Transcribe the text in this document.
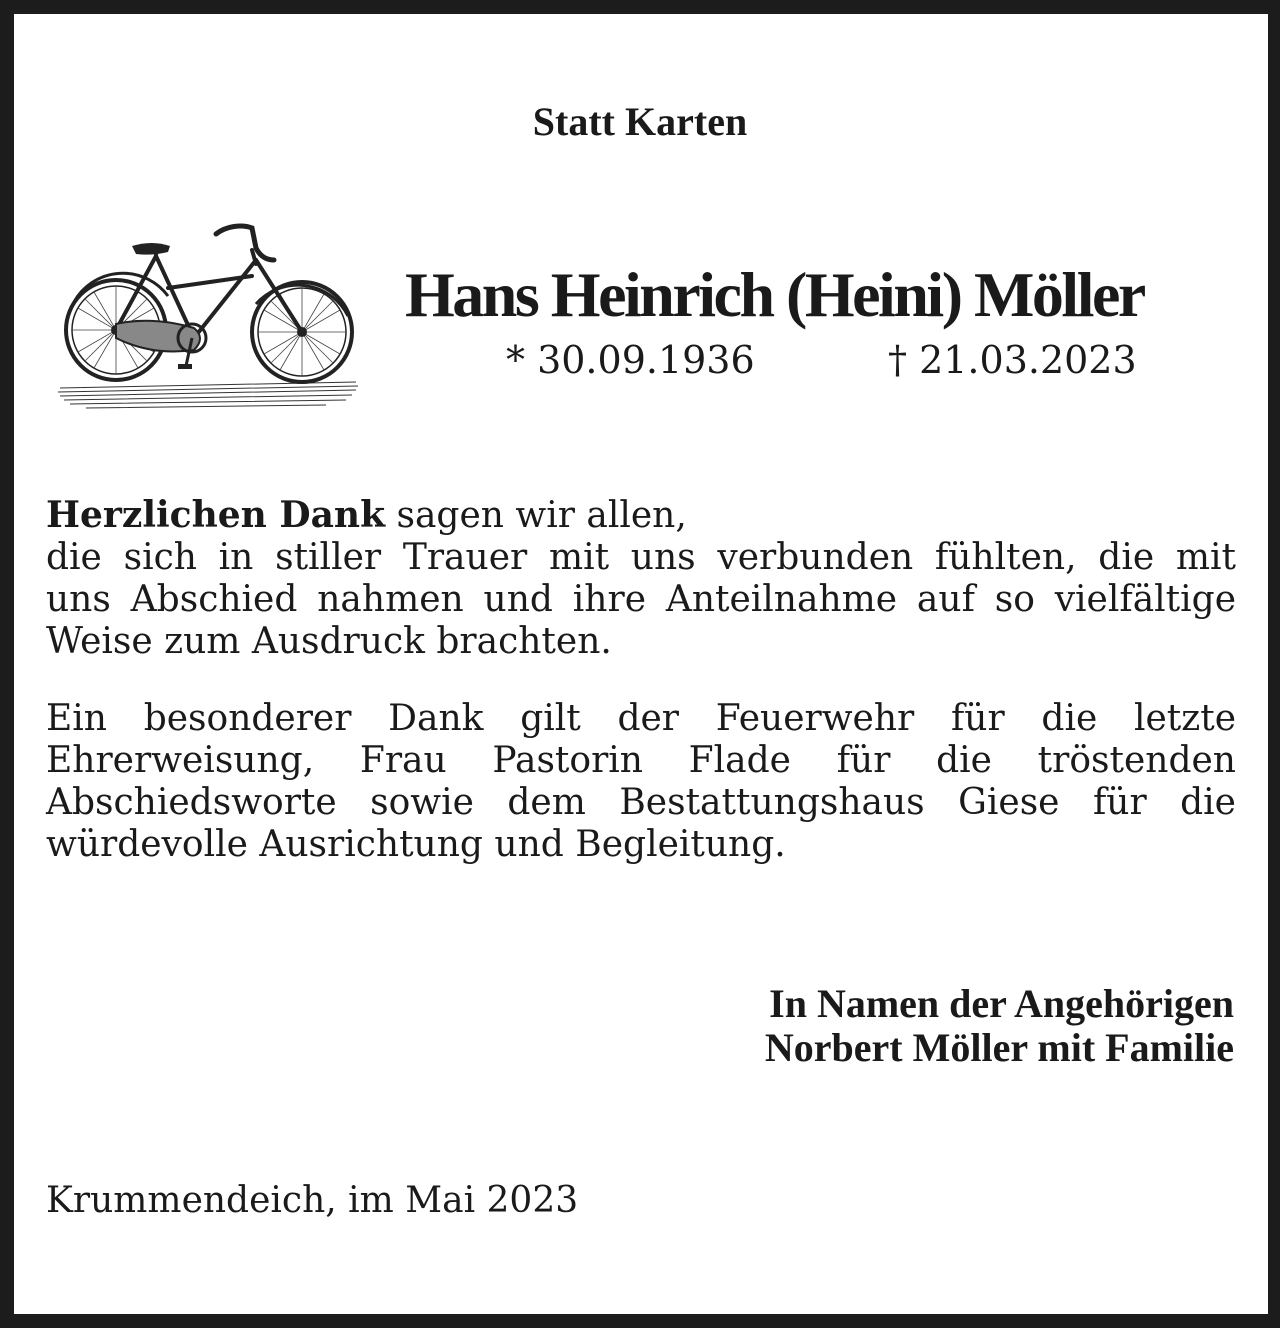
Statt Karten
Hans Heinrich (Heini) Möller
* 30.09.1936	† 21.03.2023
Herzlichen Dank sagen wir allen,
die sich in stiller Trauer mit uns verbunden fühlten, die mit
uns Abschied nahmen und ihre Anteilnahme auf so vielfältige
Weise zum Ausdruck brachten.
Ein besonderer Dank gilt der Feuerwehr für die letzte
Ehrerweisung, Frau Pastorin Flade für die tröstenden
Abschiedsworte sowie dem Bestattungshaus Giese für die
würdevolle Ausrichtung und Begleitung.
In Namen der Angehörigen
Norbert Möller mit Familie
Krummendeich, im Mai 2023
